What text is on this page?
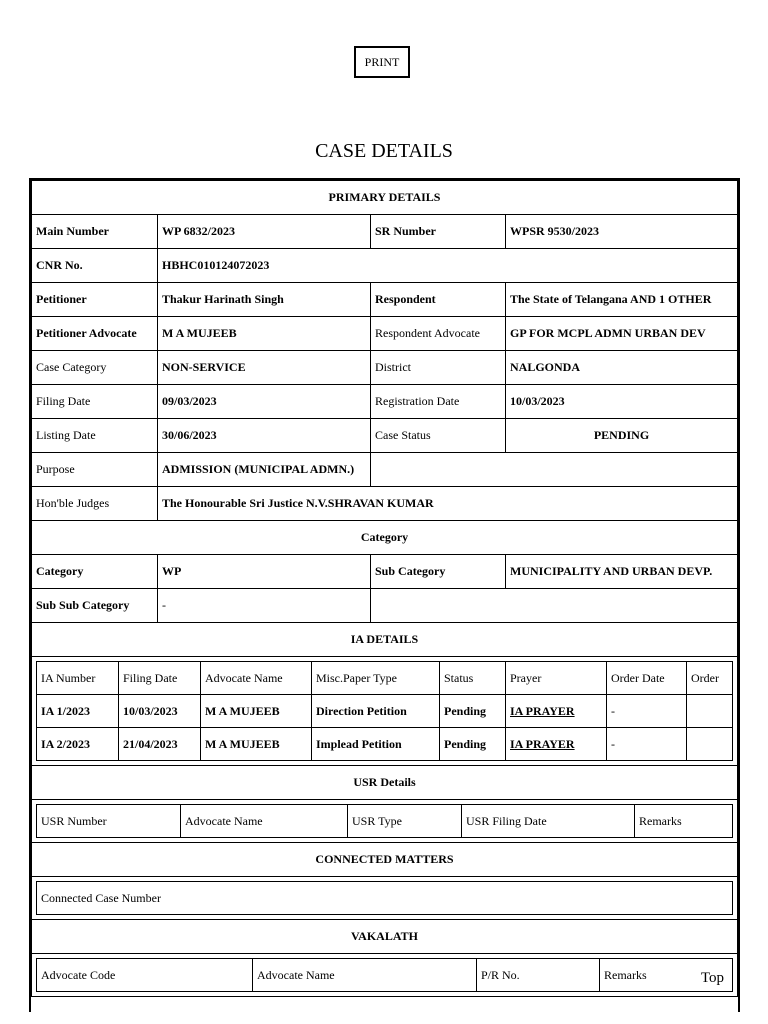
PRINT
CASE DETAILS
PRIMARY DETAILS
Main Number	WP 6832/2023	SR Number	WPSR 9530/2023
CNR No.	HBHC010124072023
Petitioner	Thakur Harinath Singh	Respondent	The State of Telangana AND 1 OTHER
Petitioner Advocate	M A MUJEEB	Respondent Advocate	GP FOR MCPL ADMN URBAN DEV
Case Category	NON-SERVICE	District	NALGONDA
Filing Date	09/03/2023	Registration Date	10/03/2023
Listing Date	30/06/2023	Case Status	PENDING
Purpose	ADMISSION (MUNICIPAL ADMN.)	
Hon'ble Judges	The Honourable Sri Justice N.V.SHRAVAN KUMAR
Category
Category	WP	Sub Category	MUNICIPALITY AND URBAN DEVP.
Sub Sub Category	-	
IA DETAILS

IA Number	Filing Date	Advocate Name	Misc.Paper Type	Status	Prayer	Order Date	Order
IA 1/2023	10/03/2023	M A MUJEEB	Direction Petition	Pending	IA PRAYER	-	
IA 2/2023	21/04/2023	M A MUJEEB	Implead Petition	Pending	IA PRAYER	-	

USR Details

USR Number	Advocate Name	USR Type	USR Filing Date	Remarks

CONNECTED MATTERS

Connected Case Number

VAKALATH

Advocate Code	Advocate Name	P/R No.	Remarks	Top
